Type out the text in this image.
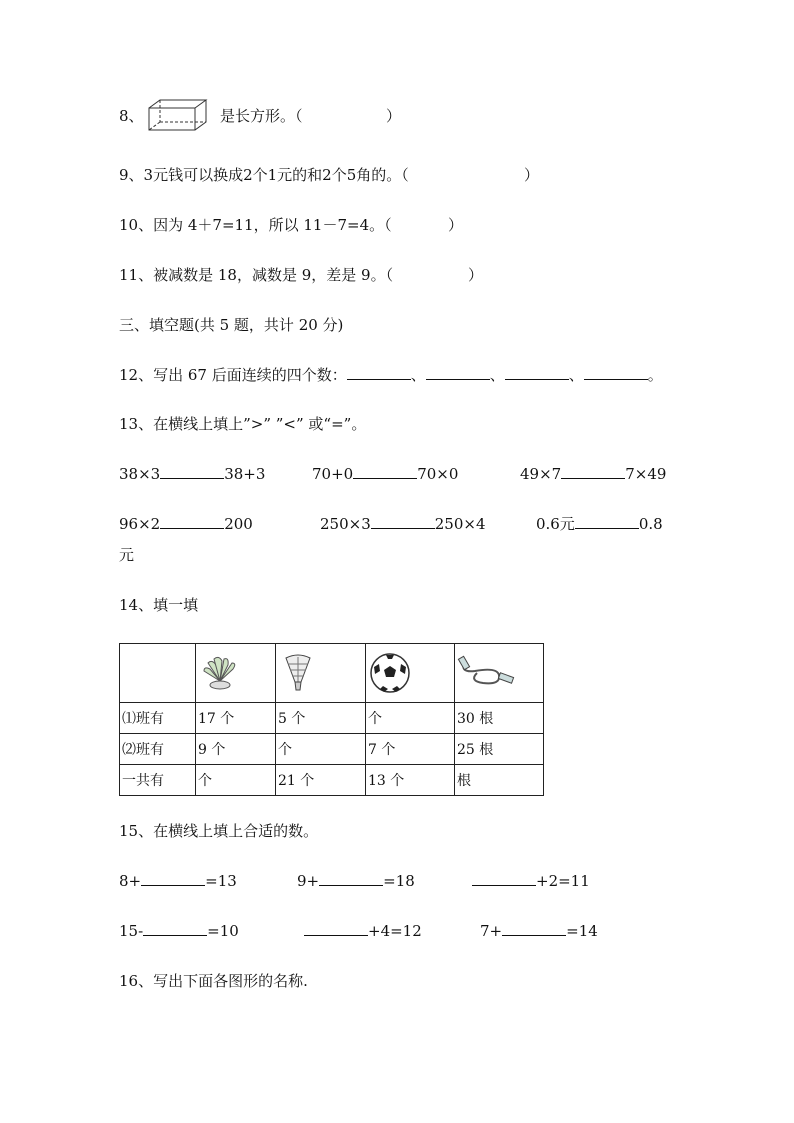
8、	是长方形。（	）
9、3元钱可以换成2个1元的和2个5角的。（	）
10、因为 4＋7=11，所以 11－7=4。（	）
11、被减数是 18，减数是 9，差是 9。（	）
三、填空题(共 5 题，共计 20 分)
12、写出 67 后面连续的四个数：	、	、	、	。
13、在横线上填上”>” ”<” 或“=”。
38×3	38+3	70+0	70×0	49×7	7×49
96×2	200	250×3	250×4	0.6元	0.8
元
14、填一填

⑴班有	17 个	5 个	个	30 根
⑵班有	9 个	个	7 个	25 根
一共有	个	21 个	13 个	根
15、在横线上填上合适的数。
8+	=13	9+	=18	+2=11
15-	=10	+4=12	7+	=14
16、写出下面各图形的名称.
